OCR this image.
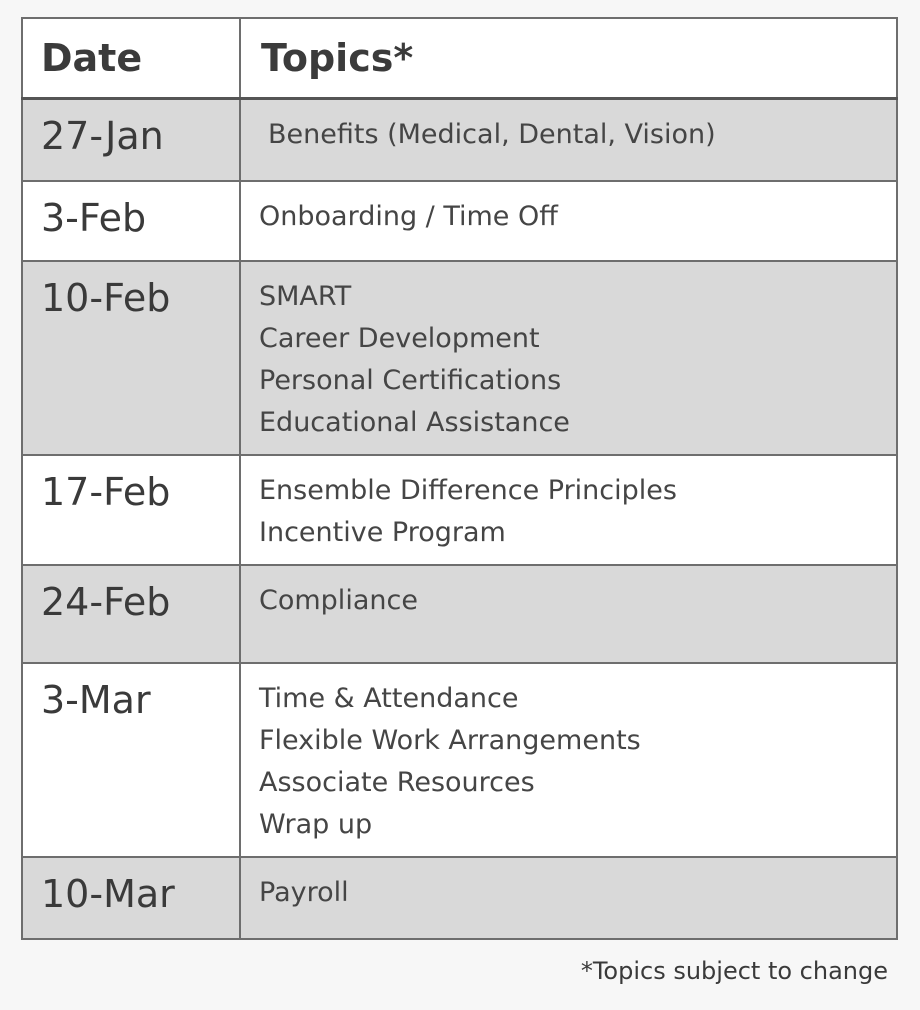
Date	Topics*
27-Jan	Benefits (Medical, Dental, Vision)

3-Feb	Onboarding / Time Off

10-Feb	SMART
Career Development
Personal Certifications
Educational Assistance

17-Feb	Ensemble Difference Principles
Incentive Program

24-Feb	Compliance

3-Mar	Time & Attendance
Flexible Work Arrangements
Associate Resources
Wrap up

10-Mar	Payroll
*Topics subject to change
